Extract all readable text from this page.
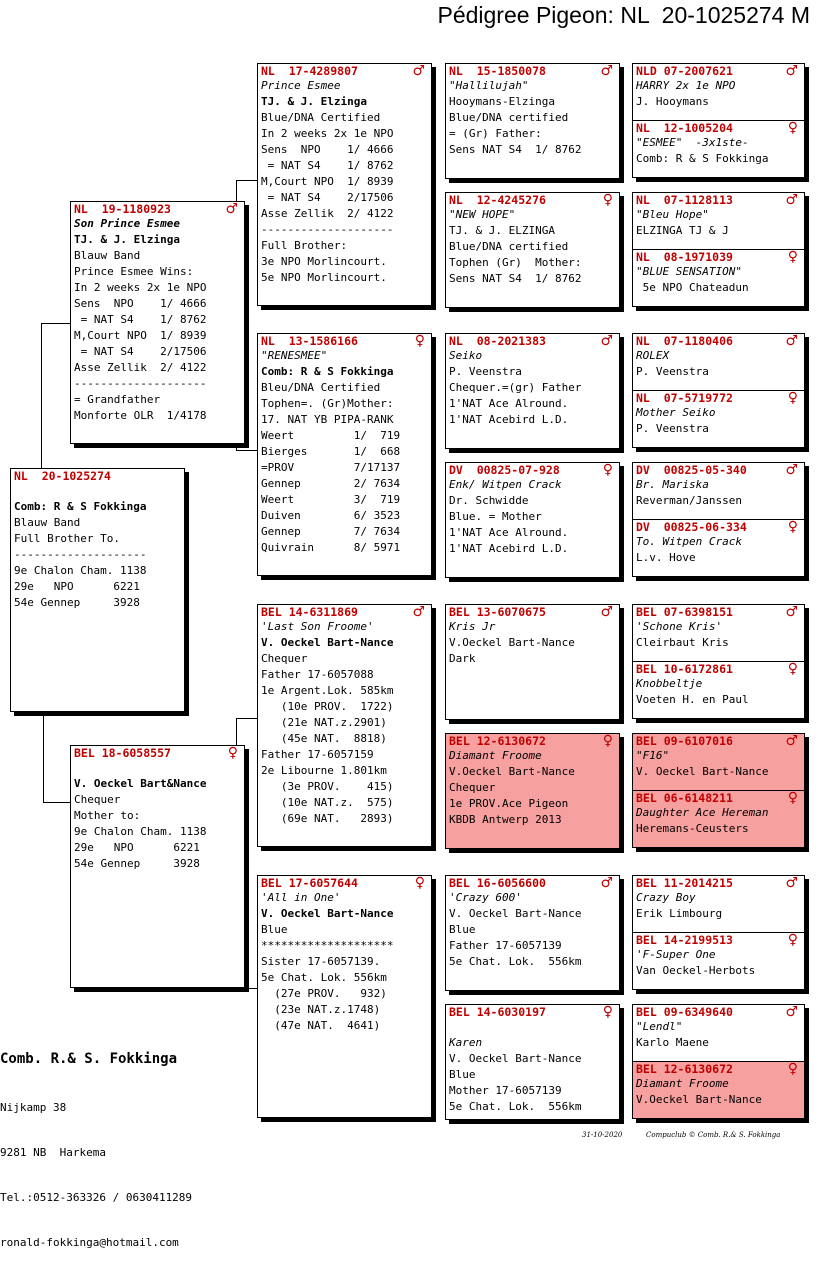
Pédigree Pigeon: NL  20-1025274 M
NL  20-1025274

Comb: R & S Fokkinga
Blauw Band
Full Brother To.
--------------------
9e Chalon Cham. 1138
29e   NPO      6221
54e Gennep     3928
NL  19-1180923	♂
Son Prince Esmee
TJ. & J. Elzinga
Blauw Band
Prince Esmee Wins:
In 2 weeks 2x 1e NPO
Sens  NPO    1/ 4666
= NAT S4    1/ 8762
M,Court NPO  1/ 8939
= NAT S4    2/17506
Asse Zellik  2/ 4122
--------------------
= Grandfather
Monforte OLR  1/4178
BEL 18-6058557	♀

V. Oeckel Bart&Nance
Chequer
Mother to:
9e Chalon Cham. 1138
29e   NPO      6221
54e Gennep     3928
NL  17-4289807	♂
Prince Esmee
TJ. & J. Elzinga
Blue/DNA Certified
In 2 weeks 2x 1e NPO
Sens  NPO    1/ 4666
= NAT S4    1/ 8762
M,Court NPO  1/ 8939
= NAT S4    2/17506
Asse Zellik  2/ 4122
--------------------
Full Brother:
3e NPO Morlincourt.
5e NPO Morlincourt.
NL  13-1586166	♀
"RENESMEE"
Comb: R & S Fokkinga
Bleu/DNA Certified
Tophen=. (Gr)Mother:
17. NAT YB PIPA-RANK
Weert         1/  719
Bierges       1/  668
=PROV         7/17137
Gennep        2/ 7634
Weert         3/  719
Duiven        6/ 3523
Gennep        7/ 7634
Quivrain      8/ 5971
BEL 14-6311869	♂
'Last Son Froome'
V. Oeckel Bart-Nance
Chequer
Father 17-6057088
1e Argent.Lok. 585km
(10e PROV.  1722)
(21e NAT.z.2901)
(45e NAT.  8818)
Father 17-6057159
2e Libourne 1.801km
(3e PROV.    415)
(10e NAT.z.  575)
(69e NAT.   2893)
BEL 17-6057644	♀
'All in One'
V. Oeckel Bart-Nance
Blue
********************
Sister 17-6057139.
5e Chat. Lok. 556km
(27e PROV.   932)
(23e NAT.z.1748)
(47e NAT.  4641)
NL  15-1850078	♂
"Hallilujah"
Hooymans-Elzinga
Blue/DNA certified
= (Gr) Father:
Sens NAT S4  1/ 8762
NL  12-4245276	♀
"NEW HOPE"
TJ. & J. ELZINGA
Blue/DNA certified
Tophen (Gr)  Mother:
Sens NAT S4  1/ 8762
NL  08-2021383	♂
Seiko
P. Veenstra
Chequer.=(gr) Father
1'NAT Ace Alround.
1'NAT Acebird L.D.
DV  00825-07-928	♀
Enk/ Witpen Crack
Dr. Schwidde
Blue. = Mother
1'NAT Ace Alround.
1'NAT Acebird L.D.
BEL 13-6070675	♂
Kris Jr
V.Oeckel Bart-Nance
Dark
BEL 12-6130672	♀
Diamant Froome
V.Oeckel Bart-Nance
Chequer
1e PROV.Ace Pigeon
KBDB Antwerp 2013
BEL 16-6056600	♂
'Crazy 600'
V. Oeckel Bart-Nance
Blue
Father 17-6057139
5e Chat. Lok.  556km
BEL 14-6030197	♀

Karen
V. Oeckel Bart-Nance
Blue
Mother 17-6057139
5e Chat. Lok.  556km
NLD 07-2007621	♂
HARRY 2x 1e NPO
J. Hooymans
NL  12-1005204	♀
"ESMEE"  -3x1ste-
Comb: R & S Fokkinga
NL  07-1128113	♂
"Bleu Hope"
ELZINGA TJ & J
NL  08-1971039	♀
"BLUE SENSATION"
5e NPO Chateadun
NL  07-1180406	♂
ROLEX
P. Veenstra
NL  07-5719772	♀
Mother Seiko
P. Veenstra
DV  00825-05-340	♂
Br. Mariska
Reverman/Janssen
DV  00825-06-334	♀
To. Witpen Crack
L.v. Hove
BEL 07-6398151	♂
'Schone Kris'
Cleirbaut Kris
BEL 10-6172861	♀
Knobbeltje
Voeten H. en Paul
BEL 09-6107016	♂
"F16"
V. Oeckel Bart-Nance
BEL 06-6148211	♀
Daughter Ace Hereman
Heremans-Ceusters
BEL 11-2014215	♂
Crazy Boy
Erik Limbourg
BEL 14-2199513	♀
'F-Super One
Van Oeckel-Herbots
BEL 09-6349640	♂
"Lendl"
Karlo Maene
BEL 12-6130672	♀
Diamant Froome
V.Oeckel Bart-Nance

Comb. R.& S. Fokkinga

Nijkamp 38

9281 NB  Harkema

Tel.:0512-363326 / 0630411289

ronald-fokkinga@hotmail.com

31-10-2020	Compuclub © Comb. R.& S. Fokkinga
